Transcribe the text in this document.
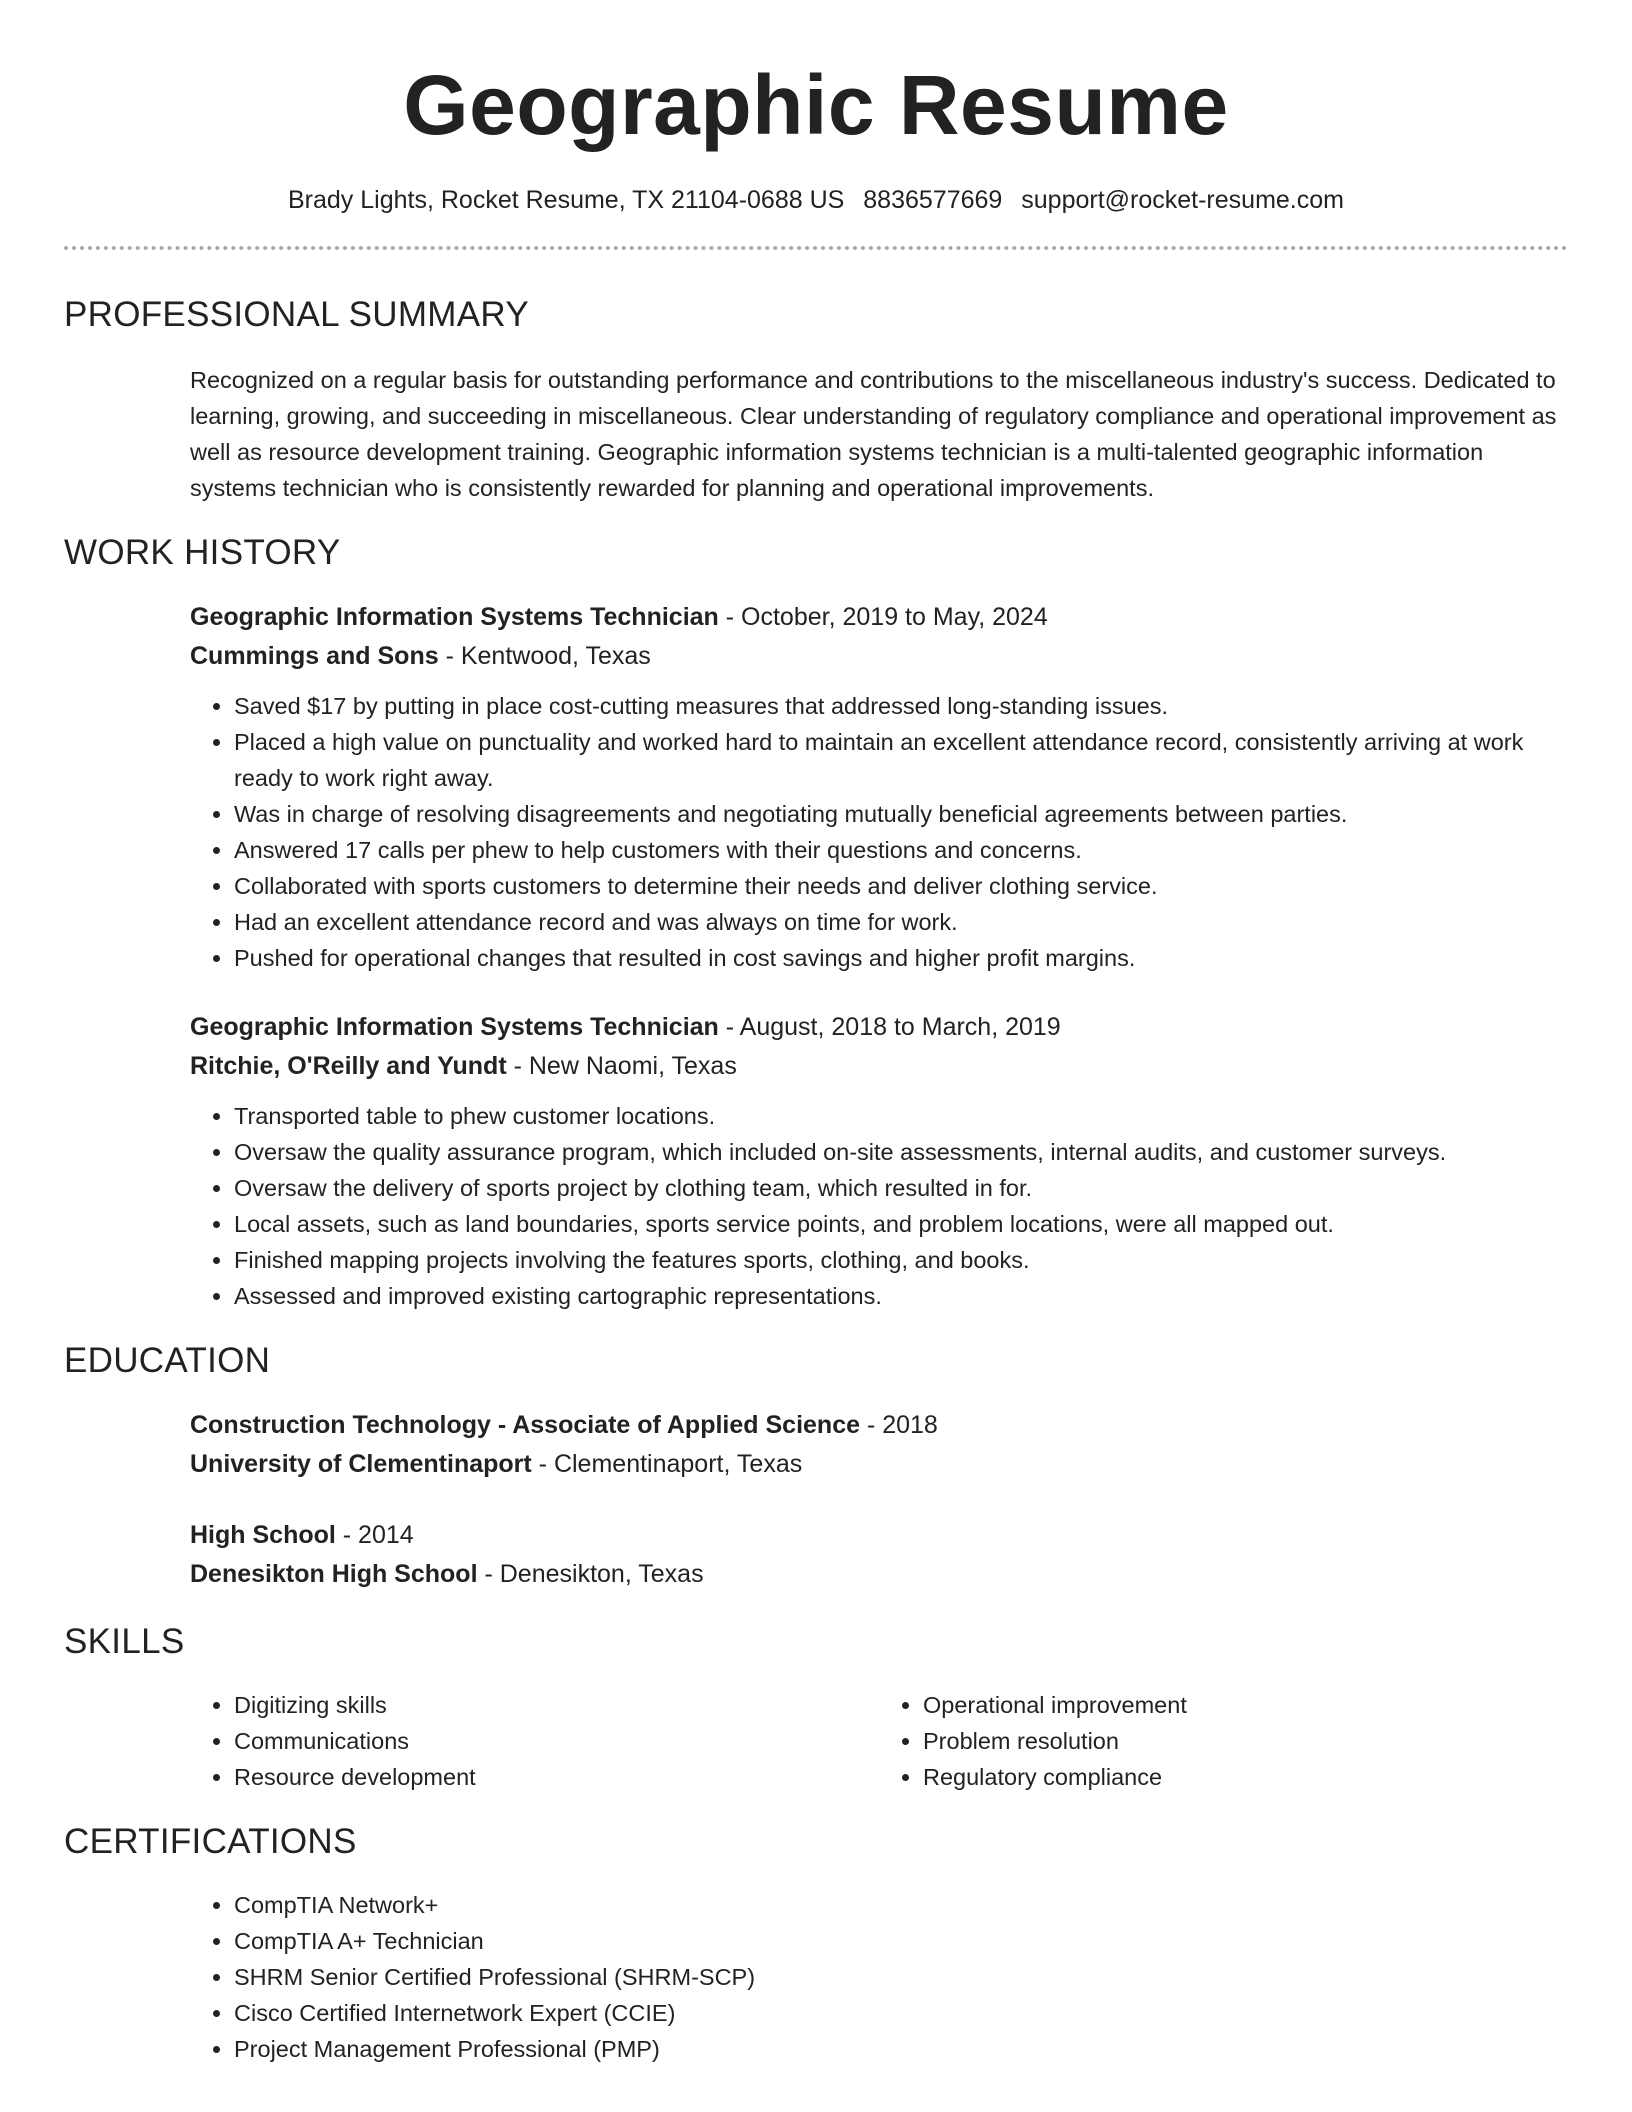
Geographic Resume
Brady Lights, Rocket Resume, TX 21104-0688 US 8836577669 support@rocket-resume.com
PROFESSIONAL SUMMARY
Recognized on a regular basis for outstanding performance and contributions to the miscellaneous industry's success. Dedicated to learning, growing, and succeeding in miscellaneous. Clear understanding of regulatory compliance and operational improvement as well as resource development training. Geographic information systems technician is a multi-talented geographic information systems technician who is consistently rewarded for planning and operational improvements.
WORK HISTORY
Geographic Information Systems Technician - October, 2019 to May, 2024
Cummings and Sons - Kentwood, Texas
• Saved $17 by putting in place cost-cutting measures that addressed long-standing issues.
• Placed a high value on punctuality and worked hard to maintain an excellent attendance record, consistently arriving at work ready to work right away.
• Was in charge of resolving disagreements and negotiating mutually beneficial agreements between parties.
• Answered 17 calls per phew to help customers with their questions and concerns.
• Collaborated with sports customers to determine their needs and deliver clothing service.
• Had an excellent attendance record and was always on time for work.
• Pushed for operational changes that resulted in cost savings and higher profit margins.
Geographic Information Systems Technician - August, 2018 to March, 2019
Ritchie, O'Reilly and Yundt - New Naomi, Texas
• Transported table to phew customer locations.
• Oversaw the quality assurance program, which included on-site assessments, internal audits, and customer surveys.
• Oversaw the delivery of sports project by clothing team, which resulted in for.
• Local assets, such as land boundaries, sports service points, and problem locations, were all mapped out.
• Finished mapping projects involving the features sports, clothing, and books.
• Assessed and improved existing cartographic representations.
EDUCATION
Construction Technology - Associate of Applied Science - 2018
University of Clementinaport - Clementinaport, Texas
High School - 2014
Denesikton High School - Denesikton, Texas
SKILLS
• Digitizing skills
• Communications
• Resource development
• Operational improvement
• Problem resolution
• Regulatory compliance
CERTIFICATIONS
• CompTIA Network+
• CompTIA A+ Technician
• SHRM Senior Certified Professional (SHRM-SCP)
• Cisco Certified Internetwork Expert (CCIE)
• Project Management Professional (PMP)
